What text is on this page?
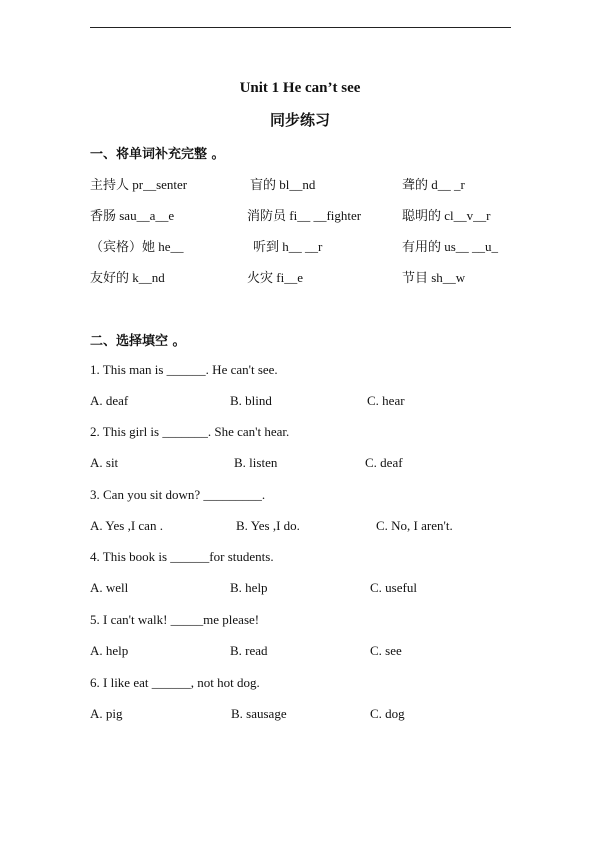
Unit 1 He can’t see
同步练习
一、将单词补充完整 。
主持人 pr__senter	盲的 bl__nd	聋的 d__ _r
香肠 sau__a__e	消防员 fi__ __fighter	聪明的 cl__v__r
（宾格）她 he__	听到 h__ __r	有用的 us__ __u_
友好的 k__nd	火灾 fi__e	节目 sh__w
二、选择填空 。
1. This man is ______. He can't see.
A. deaf	B. blind	C. hear
2. This girl is _______. She can't hear.
A. sit	B. listen	C. deaf
3. Can you sit down? _________.
A. Yes ,I can .	B. Yes ,I do.	C. No, I aren't.
4. This book is ______for students.
A. well	B. help	C. useful
5. I can't walk! _____me please!
A. help	B. read	C. see
6. I like eat ______, not hot dog.
A. pig	B. sausage	C. dog
